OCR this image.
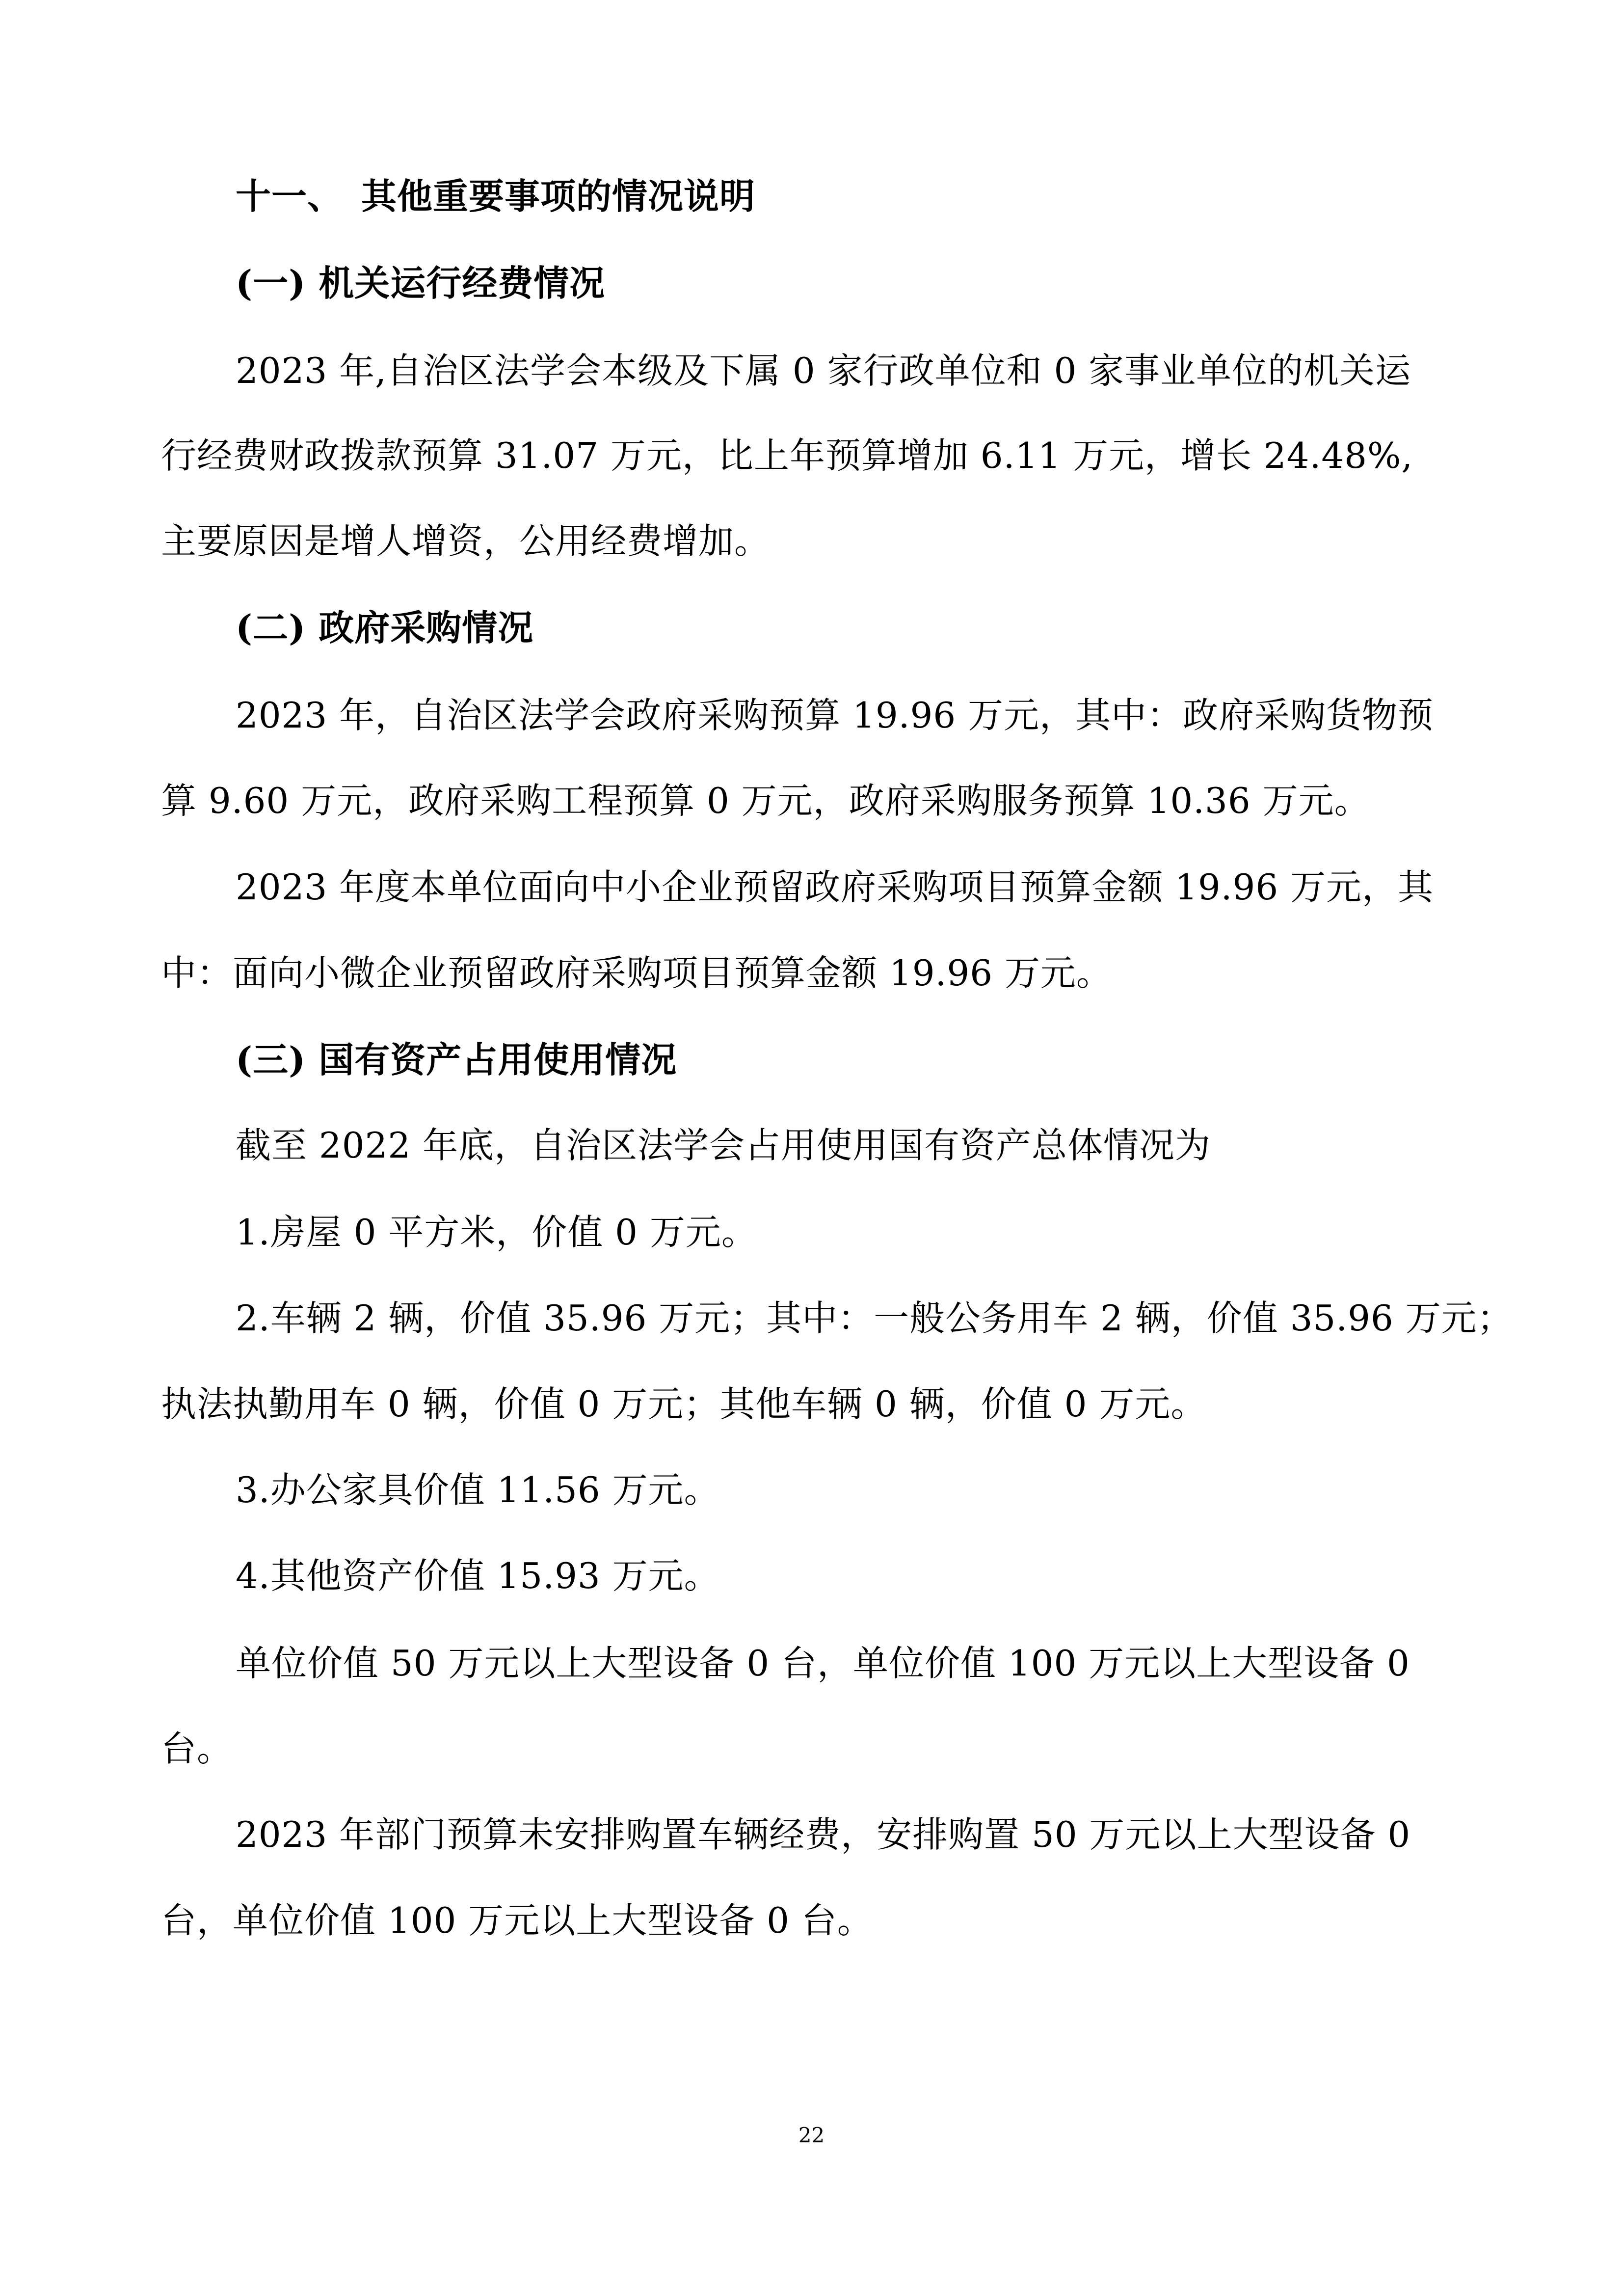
十一、　其他重要事项的情况说明
(一) 机关运行经费情况
2023 年,自治区法学会本级及下属 0 家行政单位和 0 家事业单位的机关运
行经费财政拨款预算 31.07 万元，比上年预算增加 6.11 万元，增长 24.48%,
主要原因是增人增资，公用经费增加。
(二) 政府采购情况
2023 年，自治区法学会政府采购预算 19.96 万元，其中：政府采购货物预
算 9.60 万元，政府采购工程预算 0 万元，政府采购服务预算 10.36 万元。
2023 年度本单位面向中小企业预留政府采购项目预算金额 19.96 万元，其
中：面向小微企业预留政府采购项目预算金额 19.96 万元。
(三) 国有资产占用使用情况
截至 2022 年底，自治区法学会占用使用国有资产总体情况为
1.房屋 0 平方米，价值 0 万元。
2.车辆 2 辆，价值 35.96 万元；其中：一般公务用车 2 辆，价值 35.96 万元；
执法执勤用车 0 辆，价值 0 万元；其他车辆 0 辆，价值 0 万元。
3.办公家具价值 11.56 万元。
4.其他资产价值 15.93 万元。
单位价值 50 万元以上大型设备 0 台，单位价值 100 万元以上大型设备 0
台。
2023 年部门预算未安排购置车辆经费，安排购置 50 万元以上大型设备 0
台，单位价值 100 万元以上大型设备 0 台。
22
